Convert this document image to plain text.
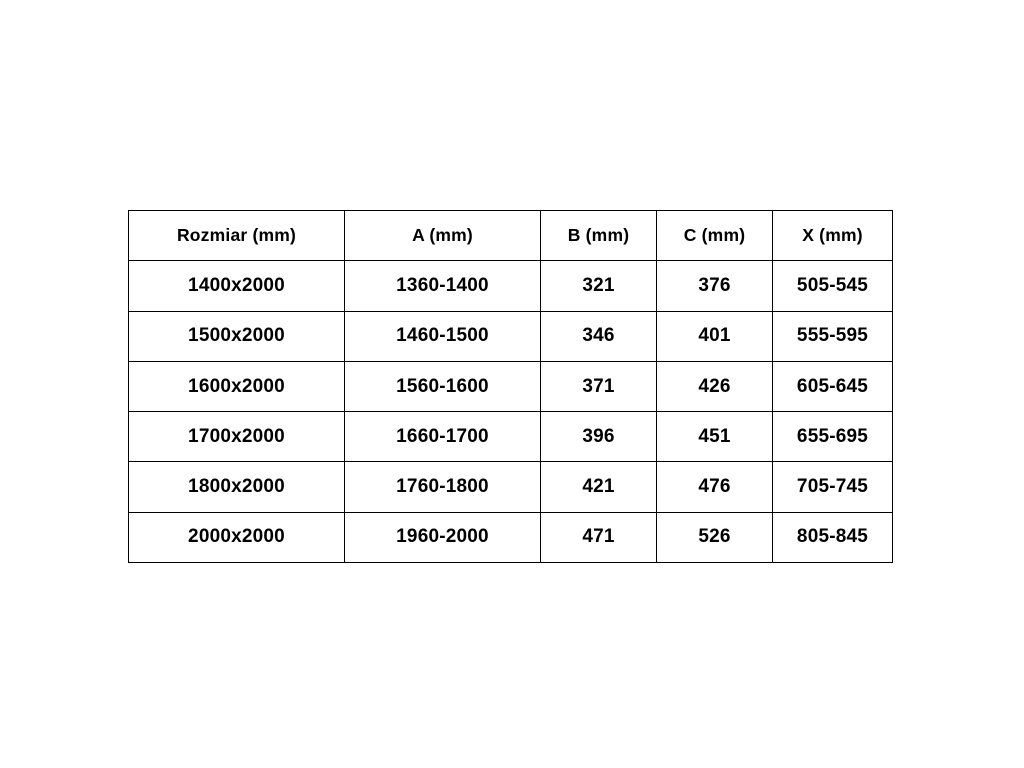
Rozmiar (mm)	A (mm)	B (mm)	C (mm)	X (mm)
1400x2000	1360-1400	321	376	505-545
1500x2000	1460-1500	346	401	555-595
1600x2000	1560-1600	371	426	605-645
1700x2000	1660-1700	396	451	655-695
1800x2000	1760-1800	421	476	705-745
2000x2000	1960-2000	471	526	805-845
